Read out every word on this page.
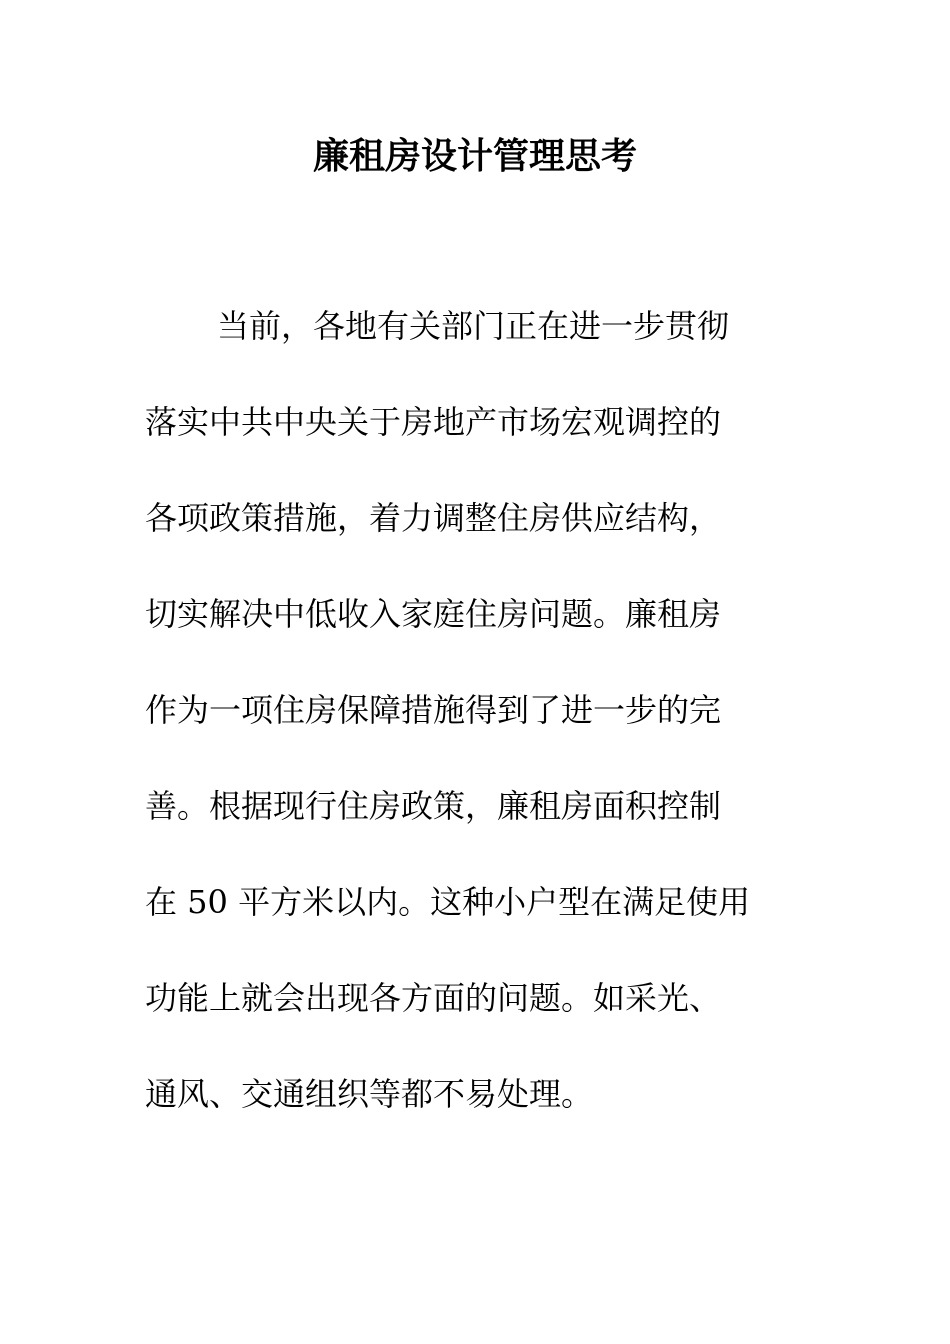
廉租房设计管理思考
当前，各地有关部门正在进一步贯彻
落实中共中央关于房地产市场宏观调控的
各项政策措施，着力调整住房供应结构，
切实解决中低收入家庭住房问题。廉租房
作为一项住房保障措施得到了进一步的完
善。根据现行住房政策，廉租房面积控制
在 50 平方米以内。这种小户型在满足使用
功能上就会出现各方面的问题。如采光、
通风、交通组织等都不易处理。
